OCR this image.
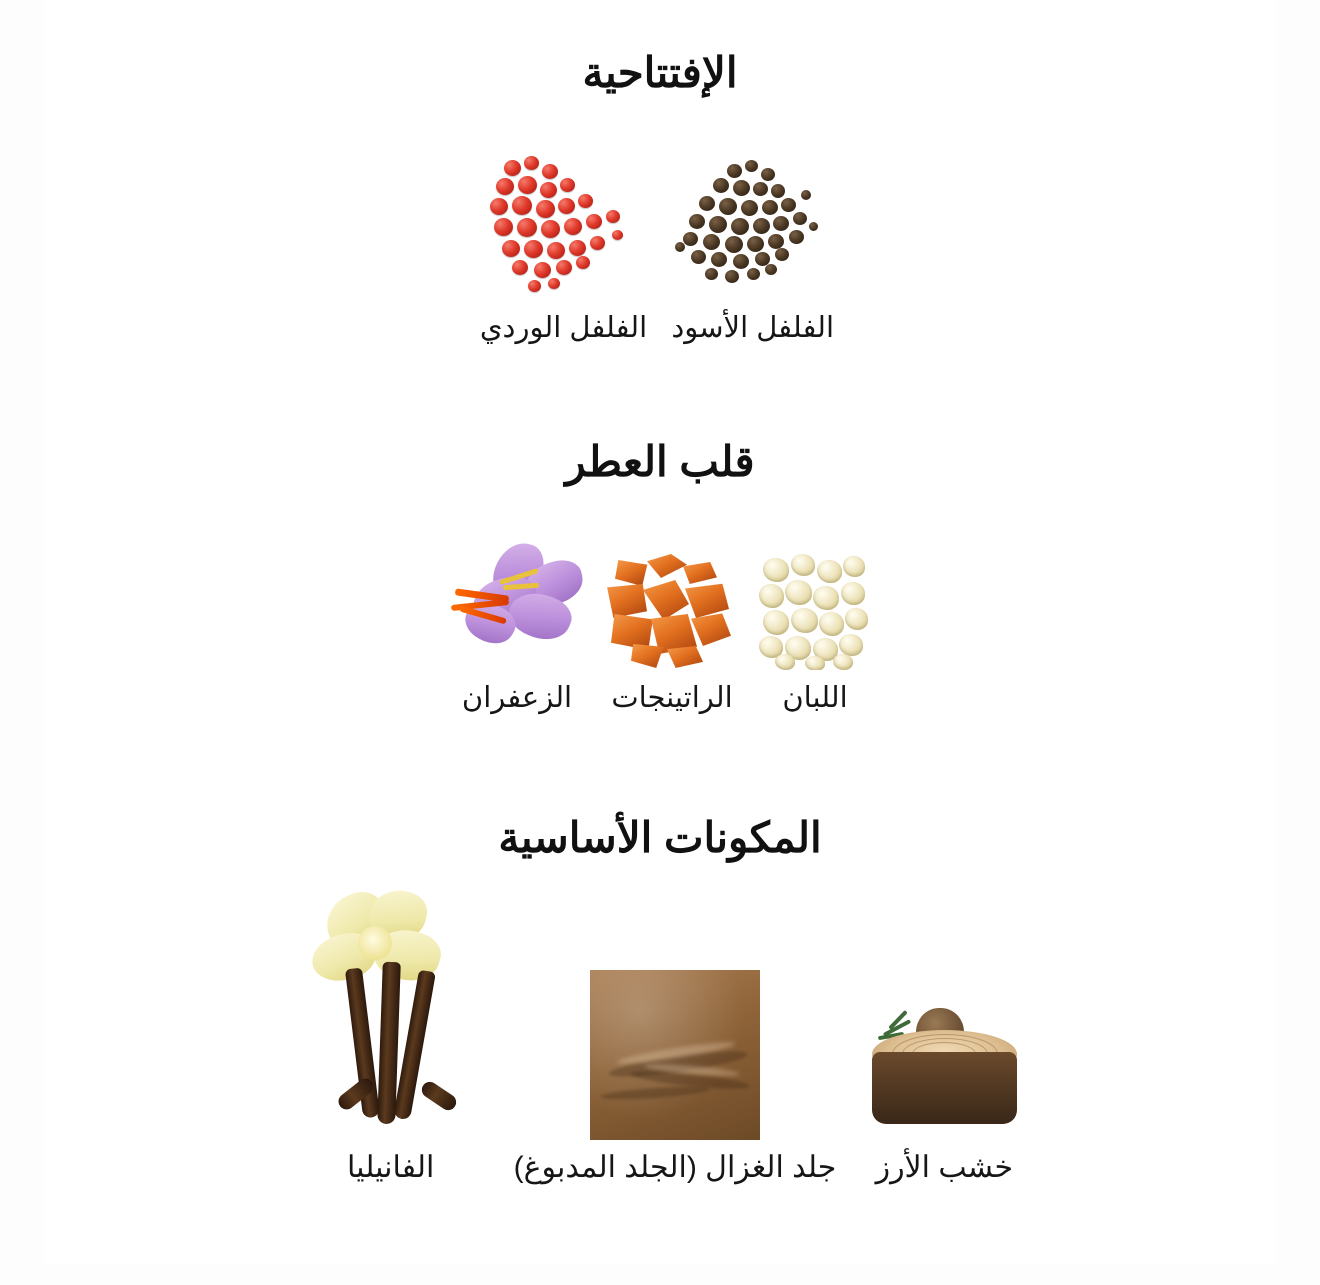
الإفتتاحية
الفلفل الأسود
الفلفل الوردي
قلب العطر
اللبان
الراتينجات
الزعفران
المكونات الأساسية
خشب الأرز
جلد الغزال (الجلد المدبوغ)
الفانيليا
